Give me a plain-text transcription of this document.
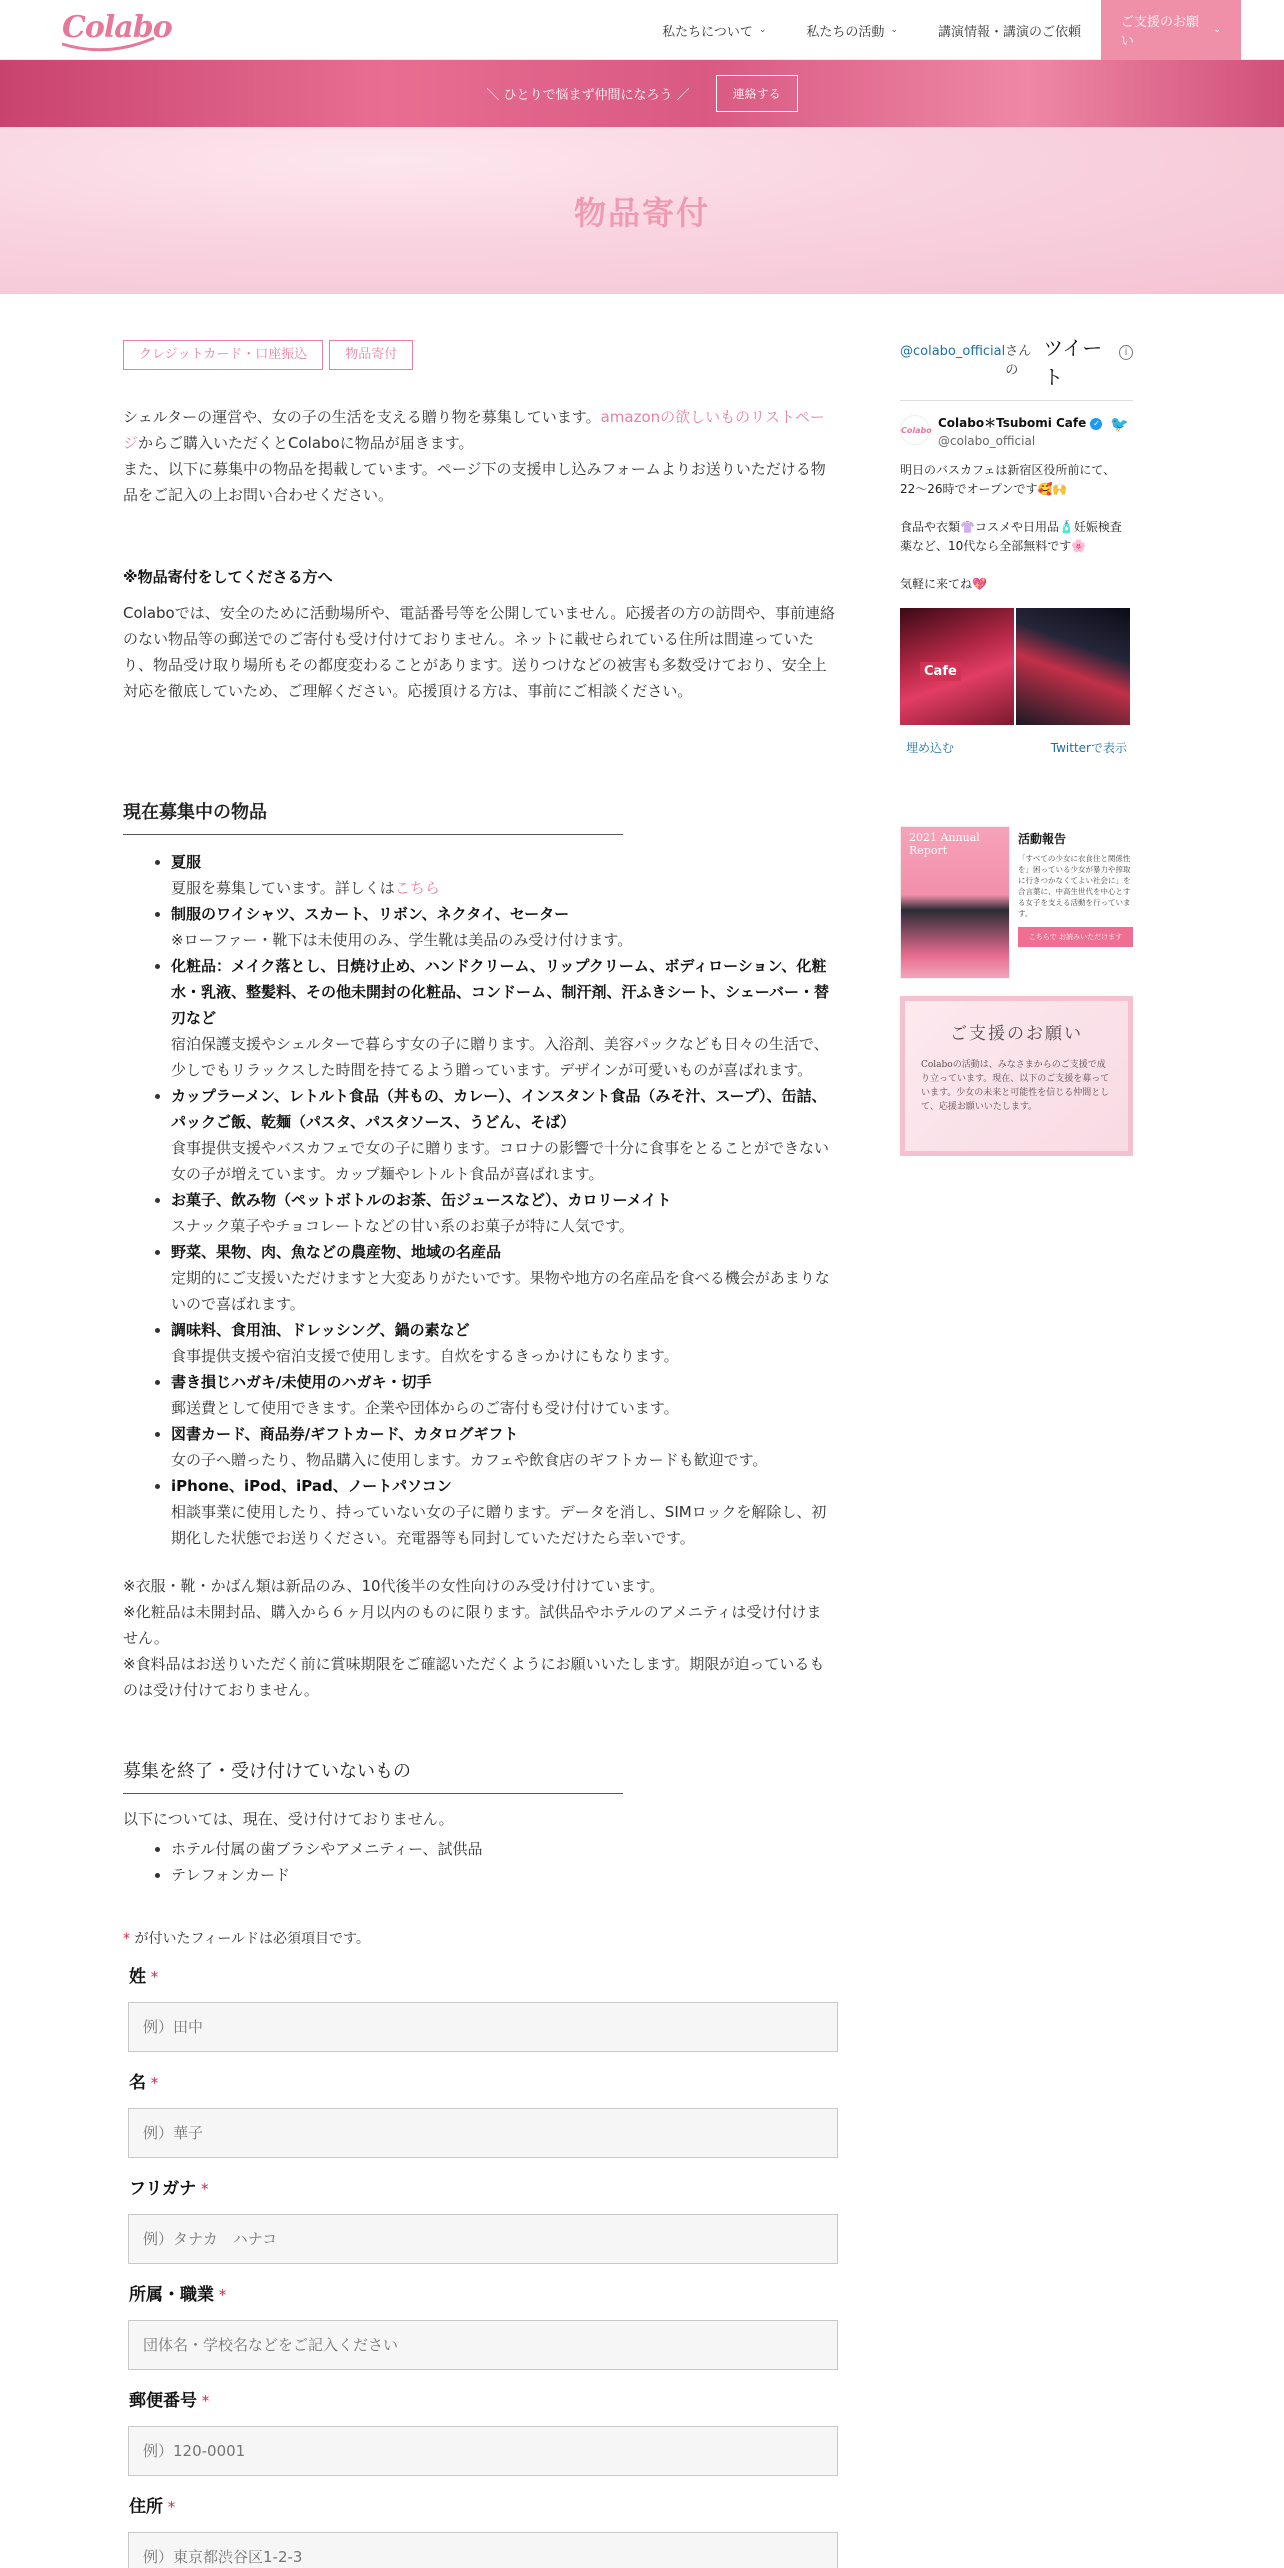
Colabo	私たちについて ⌄	私たちの活動 ⌄	講演情報・講演のご依頼
ご支援のお願い
⌄
＼ ひとりで悩まず仲間になろう ／	連絡する
物品寄付
クレジットカード・口座振込	物品寄付

シェルターの運営や、女の子の生活を支える贈り物を募集しています。amazonの欲しいものリストページからご購入いただくとColaboに物品が届きます。
また、以下に募集中の物品を掲載しています。ページ下の支援申し込みフォームよりお送りいただける物品をご記入の上お問い合わせください。

※物品寄付をしてくださる方へ

Colaboでは、安全のために活動場所や、電話番号等を公開していません。応援者の方の訪問や、事前連絡のない物品等の郵送でのご寄付も受け付けておりません。ネットに載せられている住所は間違っていたり、物品受け取り場所もその都度変わることがあります。送りつけなどの被害も多数受けており、安全上対応を徹底していため、ご理解ください。応援頂ける方は、事前にご相談ください。

現在募集中の物品
• 夏服
夏服を募集しています。詳しくはこちら
• 制服のワイシャツ、スカート、リボン、ネクタイ、セーター
※ローファー・靴下は未使用のみ、学生靴は美品のみ受け付けます。
• 化粧品：メイク落とし、日焼け止め、ハンドクリーム、リップクリーム、ボディローション、化粧水・乳液、整髪料、その他未開封の化粧品、コンドーム、制汗剤、汗ふきシート、シェーバー・替刃など
宿泊保護支援やシェルターで暮らす女の子に贈ります。入浴剤、美容パックなども日々の生活で、少しでもリラックスした時間を持てるよう贈っています。デザインが可愛いものが喜ばれます。
• カップラーメン、レトルト食品（丼もの、カレー）、インスタント食品（みそ汁、スープ）、缶詰、パックご飯、乾麺（パスタ、パスタソース、うどん、そば）
食事提供支援やバスカフェで女の子に贈ります。コロナの影響で十分に食事をとることができない女の子が増えています。カップ麺やレトルト食品が喜ばれます。
• お菓子、飲み物（ペットボトルのお茶、缶ジュースなど）、カロリーメイト
スナック菓子やチョコレートなどの甘い系のお菓子が特に人気です。
• 野菜、果物、肉、魚などの農産物、地域の名産品
定期的にご支援いただけますと大変ありがたいです。果物や地方の名産品を食べる機会があまりないので喜ばれます。
• 調味料、食用油、ドレッシング、鍋の素など
食事提供支援や宿泊支援で使用します。自炊をするきっかけにもなります。
• 書き損じハガキ/未使用のハガキ・切手
郵送費として使用できます。企業や団体からのご寄付も受け付けています。
• 図書カード、商品券/ギフトカード、カタログギフト
女の子へ贈ったり、物品購入に使用します。カフェや飲食店のギフトカードも歓迎です。
• iPhone、iPod、iPad、ノートパソコン
相談事業に使用したり、持っていない女の子に贈ります。データを消し、SIMロックを解除し、初期化した状態でお送りください。充電器等も同封していただけたら幸いです。

※衣服・靴・かばん類は新品のみ、10代後半の女性向けのみ受け付けています。

※化粧品は未開封品、購入から６ヶ月以内のものに限ります。試供品やホテルのアメニティは受け付けません。

※食料品はお送りいただく前に賞味期限をご確認いただくようにお願いいたします。期限が迫っているものは受け付けておりません。

募集を終了・受け付けていないもの

以下については、現在、受け付けておりません。

• ホテル付属の歯ブラシやアメニティー、試供品
• テレフォンカード

* が付いたフィールドは必須項目です。

姓 *
例）田中
名 *
例）華子
フリガナ *
例）タナカ　ハナコ
所属・職業 *
団体名・学校名などをご記入ください
郵便番号 *
例）120-0001
住所 *
例）東京都渋谷区1-2-3
@colabo_official さんの
ツイート
i
🐦
Colabo
Colabo＊Tsubomi Cafe ✓
@colabo_official

明日のバスカフェは新宿区役所前にて、22〜26時でオープンです🥰🙌

食品や衣類👚コスメや日用品🧴妊娠検査薬など、10代なら全部無料です🌸

気軽に来てね💖

Cafe
埋め込む	Twitterで表示
2021 Annual Report
活動報告
「すべての少女に衣食住と関係性を」困っている少女が暴力や搾取に行きつかなくてよい社会に」を合言葉に、中高生世代を中心とする女子を支える活動を行っています。
こちらで お読みいただけます
ご支援のお願い
Colaboの活動は、みなさまからのご支援で成り立っています。現在、以下のご支援を募っています。少女の未来と可能性を信じる仲間として、応援お願いいたします。
